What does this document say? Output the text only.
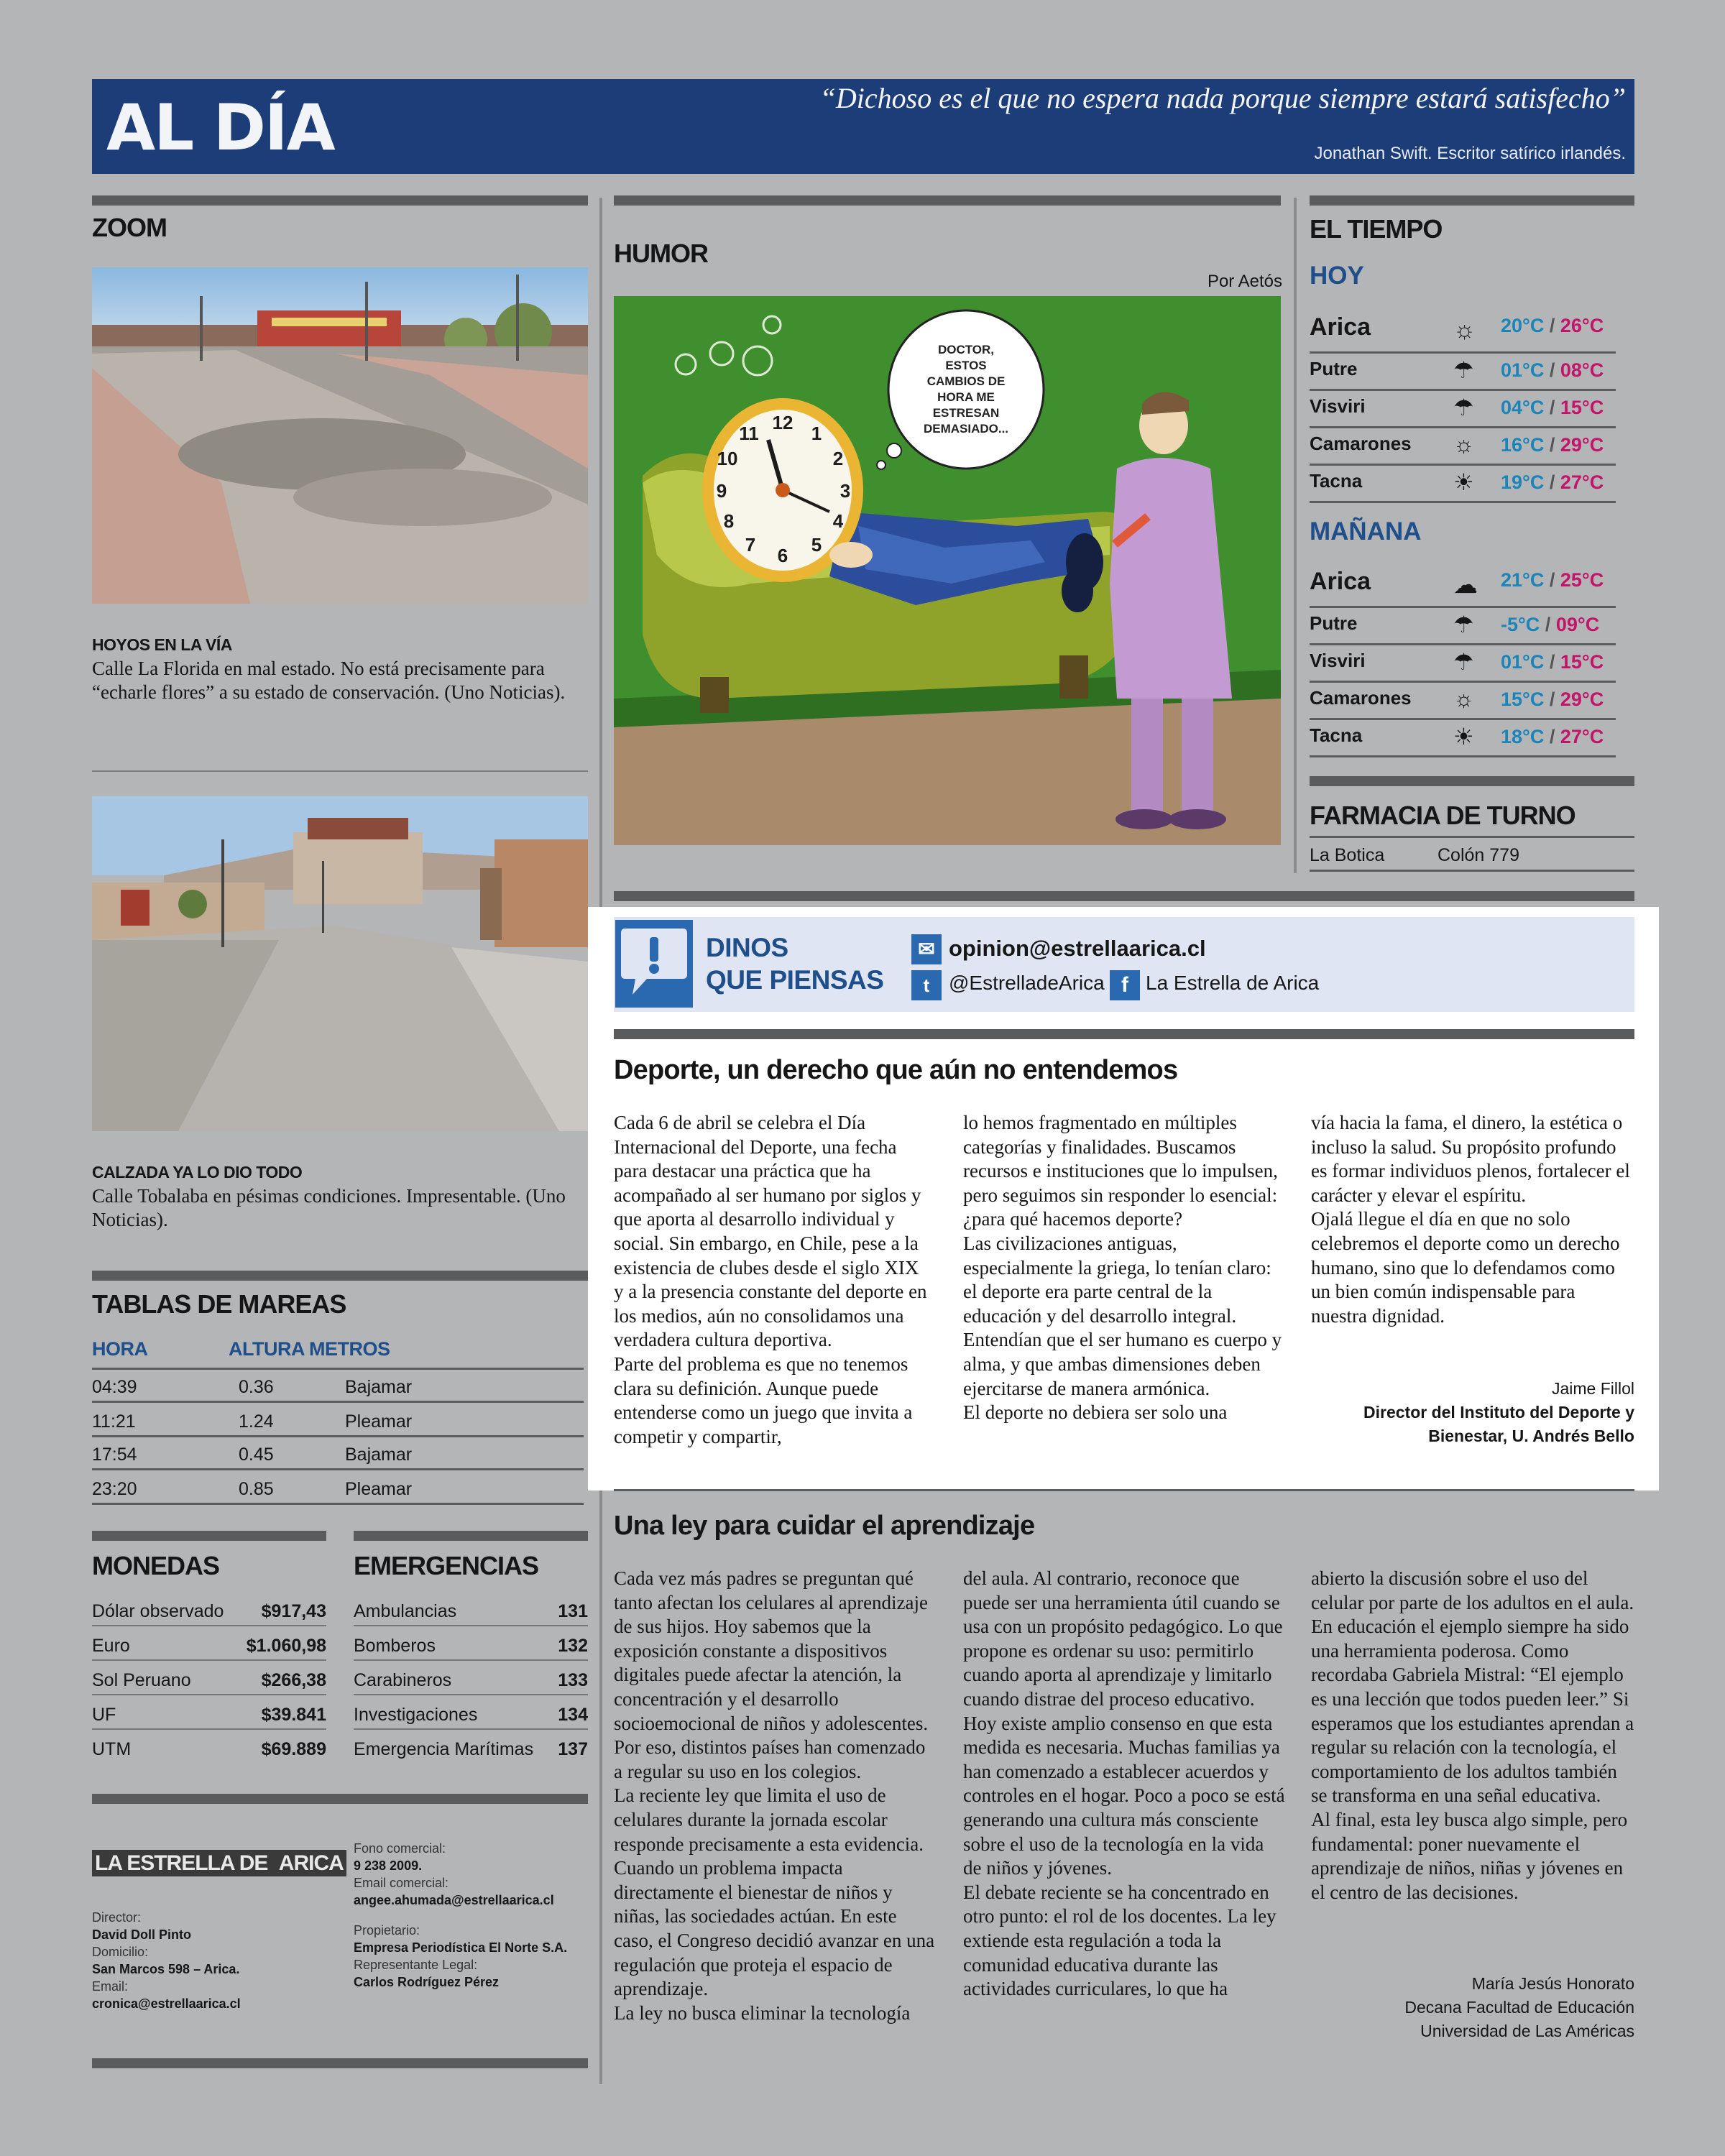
AL DÍA	“Dichoso es el que no espera nada porque siempre estará satisfecho”
Jonathan Swift. Escritor satírico irlandés.
ZOOM
HOYOS EN LA VÍA
Calle La Florida en mal estado. No está precisamente para “echarle flores” a su estado de conservación. (Uno Noticias).
CALZADA YA LO DIO TODO
Calle Tobalaba en pésimas condiciones. Impresentable. (Uno Noticias).
TABLAS DE MAREAS
HORA	ALTURA METROS
04:39	0.36	Bajamar
11:21	1.24	Pleamar
17:54	0.45	Bajamar
23:20	0.85	Pleamar
MONEDAS
Dólar observado $917,43
Euro	$1.060,98
Sol Peruano	$266,38
UF	$39.841
UTM	$69.889
EMERGENCIAS
Ambulancias	131
Bomberos	132
Carabineros	133
Investigaciones	134
Emergencia Marítimas 137
LA ESTRELLA DE ARICA
Director:
David Doll Pinto
Domicilio:
San Marcos 598 – Arica.
Email:
cronica@estrellaarica.cl
Fono comercial:
9 238 2009.
Email comercial:
angee.ahumada@estrellaarica.cl
Propietario:
Empresa Periodística El Norte S.A.
Representante Legal:
Carlos Rodríguez Pérez
HUMOR
Por Aetós
12 1
2
3
4
5
6
7
8
9
10
11
DOCTOR, ESTOS CAMBIOS DE HORA ME ESTRESAN DEMASIADO...
EL TIEMPO
HOY
Arica	☼ 20°C / 26°C
Putre	☂ 01°C / 08°C
Visviri	☂ 04°C / 15°C
Camarones ☼ 16°C / 29°C
Tacna	☀ 19°C / 27°C
MAÑANA
Arica	☁ 21°C / 25°C
Putre	☂ -5°C / 09°C
Visviri	☂ 01°C / 15°C
Camarones ☼ 15°C / 29°C
Tacna	☀ 18°C / 27°C
FARMACIA DE TURNO
La Botica	Colón 779
DINOS
QUE PIENSAS
✉ opinion@estrellaarica.cl
t @EstrelladeArica f La Estrella de Arica
Deporte, un derecho que aún no entendemos
Cada 6 de abril se celebra el Día Internacional del Deporte, una fecha para destacar una práctica que ha acompañado al ser humano por siglos y que aporta al desarrollo individual y social. Sin embargo, en Chile, pese a la existencia de clubes desde el siglo XIX y a la presencia constante del deporte en los medios, aún no consolidamos una verdadera cultura deportiva.
Parte del problema es que no tenemos clara su definición. Aunque puede entenderse como un juego que invita a competir y compartir,
lo hemos fragmentado en múltiples categorías y finalidades. Buscamos recursos e instituciones que lo impulsen, pero seguimos sin responder lo esencial: ¿para qué hacemos deporte?
Las civilizaciones antiguas, especialmente la griega, lo tenían claro: el deporte era parte central de la educación y del desarrollo integral. Entendían que el ser humano es cuerpo y alma, y que ambas dimensiones deben ejercitarse de manera armónica.
El deporte no debiera ser solo una
vía hacia la fama, el dinero, la estética o incluso la salud. Su propósito profundo es formar individuos plenos, fortalecer el carácter y elevar el espíritu.
Ojalá llegue el día en que no solo celebremos el deporte como un derecho humano, sino que lo defendamos como un bien común indispensable para nuestra dignidad.
Jaime Fillol
Director del Instituto del Deporte y Bienestar, U. Andrés Bello
Una ley para cuidar el aprendizaje
Cada vez más padres se preguntan qué tanto afectan los celulares al aprendizaje de sus hijos. Hoy sabemos que la exposición constante a dispositivos digitales puede afectar la atención, la concentración y el desarrollo socioemocional de niños y adolescentes. Por eso, distintos países han comenzado a regular su uso en los colegios.
La reciente ley que limita el uso de celulares durante la jornada escolar responde precisamente a esta evidencia. Cuando un problema impacta directamente el bienestar de niños y niñas, las sociedades actúan. En este caso, el Congreso decidió avanzar en una regulación que proteja el espacio de aprendizaje.
La ley no busca eliminar la tecnología
del aula. Al contrario, reconoce que puede ser una herramienta útil cuando se usa con un propósito pedagógico. Lo que propone es ordenar su uso: permitirlo cuando aporta al aprendizaje y limitarlo cuando distrae del proceso educativo.
Hoy existe amplio consenso en que esta medida es necesaria. Muchas familias ya han comenzado a establecer acuerdos y controles en el hogar. Poco a poco se está generando una cultura más consciente sobre el uso de la tecnología en la vida de niños y jóvenes.
El debate reciente se ha concentrado en otro punto: el rol de los docentes. La ley extiende esta regulación a toda la comunidad educativa durante las actividades curriculares, lo que ha
abierto la discusión sobre el uso del celular por parte de los adultos en el aula.
En educación el ejemplo siempre ha sido una herramienta poderosa. Como recordaba Gabriela Mistral: “El ejemplo es una lección que todos pueden leer.” Si esperamos que los estudiantes aprendan a regular su relación con la tecnología, el comportamiento de los adultos también se transforma en una señal educativa.
Al final, esta ley busca algo simple, pero fundamental: poner nuevamente el aprendizaje de niños, niñas y jóvenes en el centro de las decisiones.
María Jesús Honorato
Decana Facultad de Educación
Universidad de Las Américas
